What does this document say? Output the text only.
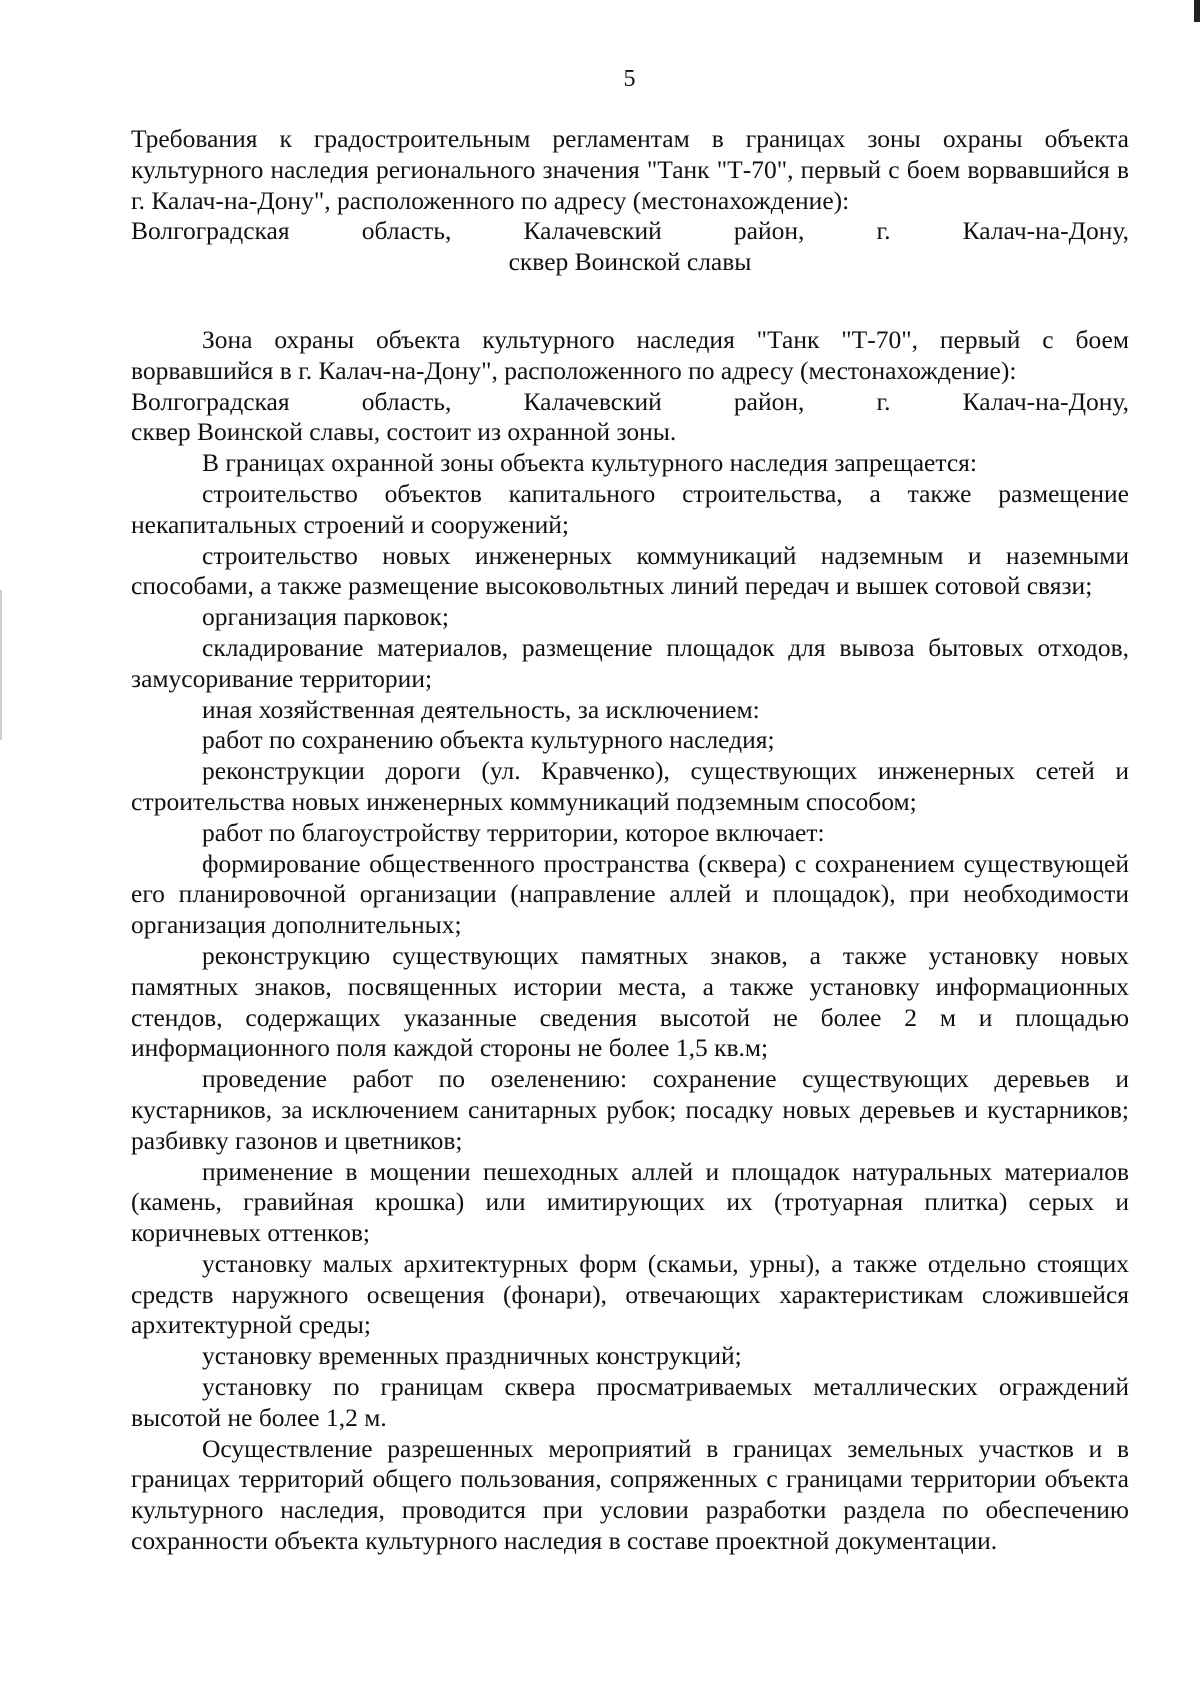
5

Требования к градостроительным регламентам в границах зоны охраны объекта культурного наследия регионального значения "Танк "Т-70", первый с боем ворвавшийся в г. Калач-на-Дону", расположенного по адресу (местонахождение):

Волгоградская область, Калачевский район, г. Калач-на-Дону,

сквер Воинской славы

Зона охраны объекта культурного наследия "Танк "Т-70", первый с боем ворвавшийся в г. Калач-на-Дону", расположенного по адресу (местонахождение):

Волгоградская область, Калачевский район, г. Калач-на-Дону,

сквер Воинской славы, состоит из охранной зоны.

В границах охранной зоны объекта культурного наследия запрещается:

строительство объектов капитального строительства, а также размещение некапитальных строений и сооружений;

строительство новых инженерных коммуникаций надземным и наземными способами, а также размещение высоковольтных линий передач и вышек сотовой связи;

организация парковок;

складирование материалов, размещение площадок для вывоза бытовых отходов, замусоривание территории;

иная хозяйственная деятельность, за исключением:

работ по сохранению объекта культурного наследия;

реконструкции дороги (ул. Кравченко), существующих инженерных сетей и строительства новых инженерных коммуникаций подземным способом;

работ по благоустройству территории, которое включает:

формирование общественного пространства (сквера) с сохранением существующей его планировочной организации (направление аллей и площадок), при необходимости организация дополнительных;

реконструкцию существующих памятных знаков, а также установку новых памятных знаков, посвященных истории места, а также установку информационных стендов, содержащих указанные сведения высотой не более 2 м и площадью информационного поля каждой стороны не более 1,5 кв.м;

проведение работ по озеленению: сохранение существующих деревьев и кустарников, за исключением санитарных рубок; посадку новых деревьев и кустарников; разбивку газонов и цветников;

применение в мощении пешеходных аллей и площадок натуральных материалов (камень, гравийная крошка) или имитирующих их (тротуарная плитка) серых и коричневых оттенков;

установку малых архитектурных форм (скамьи, урны), а также отдельно стоящих средств наружного освещения (фонари), отвечающих характеристикам сложившейся архитектурной среды;

установку временных праздничных конструкций;

установку по границам сквера просматриваемых металлических ограждений высотой не более 1,2 м.

Осуществление разрешенных мероприятий в границах земельных участков и в границах территорий общего пользования, сопряженных с границами территории объекта культурного наследия, проводится при условии разработки раздела по обеспечению сохранности объекта культурного наследия в составе проектной документации.
